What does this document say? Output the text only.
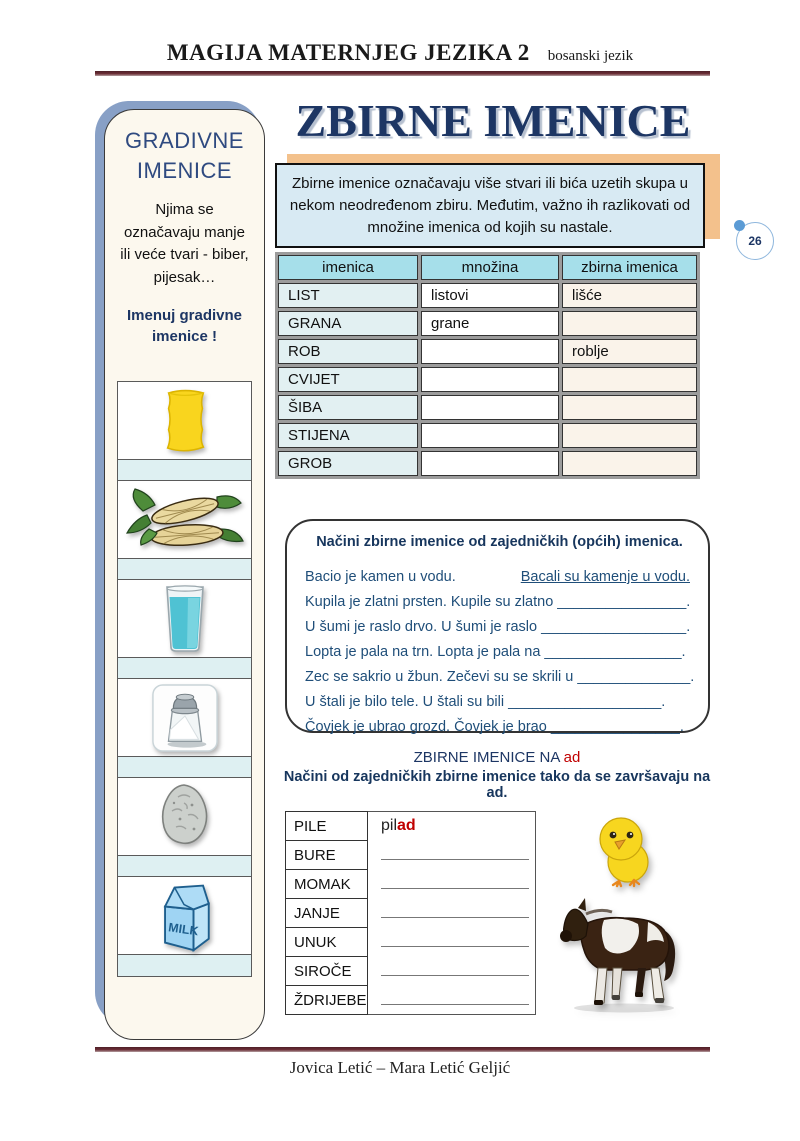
MAGIJA MATERNJEG JEZIKA 2 bosanski jezik
GRADIVNE IMENICE
Njima se označavaju manje ili veće tvari - biber, pijesak…
Imenuj gradivne imenice !
MILK
ZBIRNE IMENICE
Zbirne imenice označavaju više stvari ili bića uzetih skupa u nekom neodređenom zbiru. Međutim, važno ih razlikovati od množine imenica od kojih su nastale.
26
imenica	množina	zbirna imenica
LIST	listovi	lišće
GRANA	grane	
ROB		roblje
CVIJET		
ŠIBA		
STIJENA		
GROB		
Načini zbirne imenice od zajedničkih (općih) imenica.
Bacio je kamen u vodu.	Bacali su kamenje u vodu.
Kupila je zlatni prsten. Kupile su zlatno ________________.
U šumi je raslo drvo. U šumi je raslo __________________.
Lopta je pala na trn. Lopta je pala na _________________.
Zec se sakrio u žbun. Zečevi su se skrili u ______________.
U štali je bilo tele. U štali su bili ___________________.
Čovjek je ubrao grozd. Čovjek je brao ________________.
ZBIRNE IMENICE NA ad
Načini od zajedničkih zbirne imenice tako da se završavaju na ad.
PILE	pilad
BURE	
MOMAK	
JANJE	
UNUK	
SIROČE	
ŽDRIJEBE	
Jovica Letić – Mara Letić Geljić
